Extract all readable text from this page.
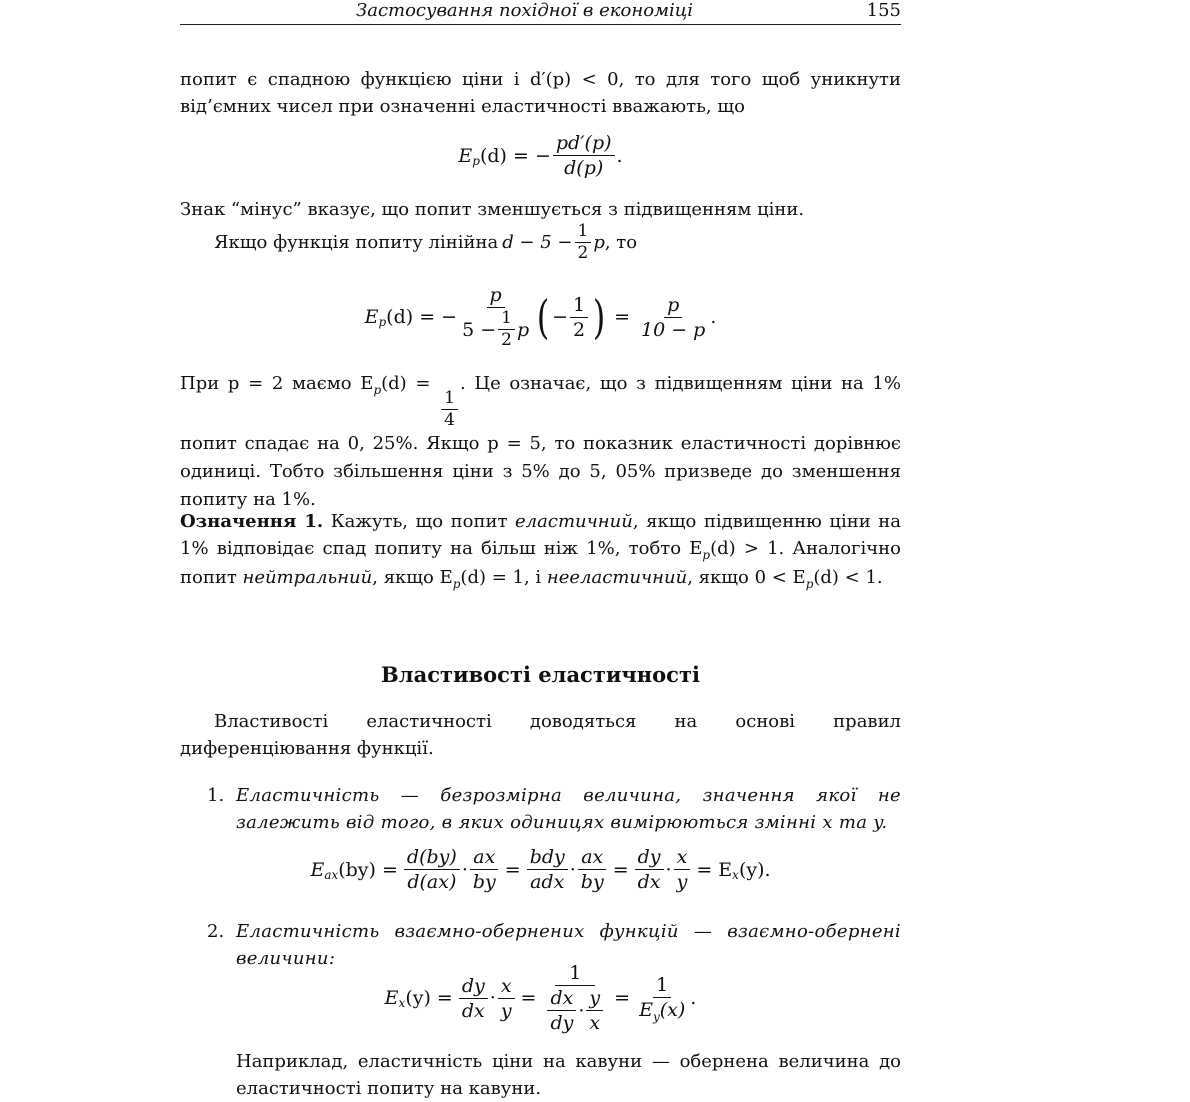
Застосування похідної в економіці	155

попит є спадною функцією ціни і d′(p) < 0, то для того щоб уникнути від’ємних чисел при означенні еластичності вважають, що

E p (d) = − $\frac{pd'(p)}{d(p)}$ .

Знак “мінус” вказує, що попит зменшується з підвищенням ціни.

Якщо функція попиту лінійна $d - 5 - \frac{1}{2}$ p , то
E p (d) = − $\frac{p}{5 - \frac{1}{2} p}$ ( − $\frac{1}{2}$ ) = $\frac{p}{10 - p}$ .
При p = 2 маємо $E_p(d)$ =
$\frac{1}{4}$
. Це означає, що з підвищенням ціни на 1% попит спадає на 0, 25%. Якщо p = 5, то показник еластичності дорівнює одиниці. Тобто збільшення ціни з 5% до 5, 05% призведе до зменшення попиту на 1%.
Означення 1. Кажуть, що попит еластичний, якщо підвищенню ціни на 1% відповідає спад попиту на більш ніж 1%, тобто $E_p(d) > 1$. Аналогічно попит нейтральний, якщо $E_p(d) = 1$, і нееластичний, якщо $0 < E_p(d) < 1$.
Властивості еластичності

Властивості еластичності доводяться на основі правил диференціювання функції.

1. Еластичність — безрозмірна величина, значення якої не залежить від того, в яких одиницях вимірюються змінні x та y.
E ax $(by) = \frac{d(by)}{d(ax)} \cdot \frac{ax}{by} = \frac{\text{bdy}}{\text{adx}} \cdot \frac{ax}{by} = \frac{dy}{dx} \cdot \frac{x}{y} = E$ x (y).
2. Еластичність взаємно-обернених функцій — взаємно-обернені величини:
E x $(y) = \frac{dy}{dx} \cdot \frac{x}{y} = \frac{1}{\frac{dx}{dy} \cdot \frac{y}{x}} = \frac{1}{E_y(x)}$ .

Наприклад, еластичність ціни на кавуни — обернена величина до еластичності попиту на кавуни.
